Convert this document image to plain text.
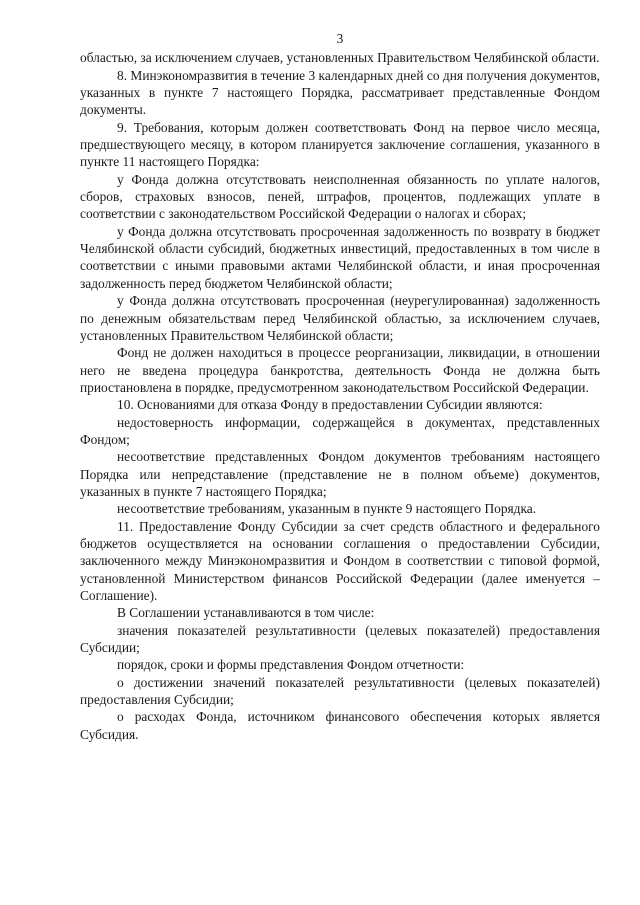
3

областью, за исключением случаев, установленных Правительством Челябинской области.

8. Минэкономразвития в течение 3 календарных дней со дня получения документов, указанных в пункте 7 настоящего Порядка, рассматривает представленные Фондом документы.

9. Требования, которым должен соответствовать Фонд на первое число месяца, предшествующего месяцу, в котором планируется заключение соглашения, указанного в пункте 11 настоящего Порядка:

у Фонда должна отсутствовать неисполненная обязанность по уплате налогов, сборов, страховых взносов, пеней, штрафов, процентов, подлежащих уплате в соответствии с законодательством Российской Федерации о налогах и сборах;

у Фонда должна отсутствовать просроченная задолженность по возврату в бюджет Челябинской области субсидий, бюджетных инвестиций, предоставленных в том числе в соответствии с иными правовыми актами Челябинской области, и иная просроченная задолженность перед бюджетом Челябинской области;

у Фонда должна отсутствовать просроченная (неурегулированная) задолженность по денежным обязательствам перед Челябинской областью, за исключением случаев, установленных Правительством Челябинской области;

Фонд не должен находиться в процессе реорганизации, ликвидации, в отношении него не введена процедура банкротства, деятельность Фонда не должна быть приостановлена в порядке, предусмотренном законодательством Российской Федерации.

10. Основаниями для отказа Фонду в предоставлении Субсидии являются:

недостоверность информации, содержащейся в документах, представленных Фондом;

несоответствие представленных Фондом документов требованиям настоящего Порядка или непредставление (представление не в полном объеме) документов, указанных в пункте 7 настоящего Порядка;

несоответствие требованиям, указанным в пункте 9 настоящего Порядка.

11. Предоставление Фонду Субсидии за счет средств областного и федерального бюджетов осуществляется на основании соглашения о предоставлении Субсидии, заключенного между Минэкономразвития и Фондом в соответствии с типовой формой, установленной Министерством финансов Российской Федерации (далее именуется – Соглашение).

В Соглашении устанавливаются в том числе:

значения показателей результативности (целевых показателей) предоставления Субсидии;

порядок, сроки и формы представления Фондом отчетности:

о достижении значений показателей результативности (целевых показателей) предоставления Субсидии;

о расходах Фонда, источником финансового обеспечения которых является Субсидия.
